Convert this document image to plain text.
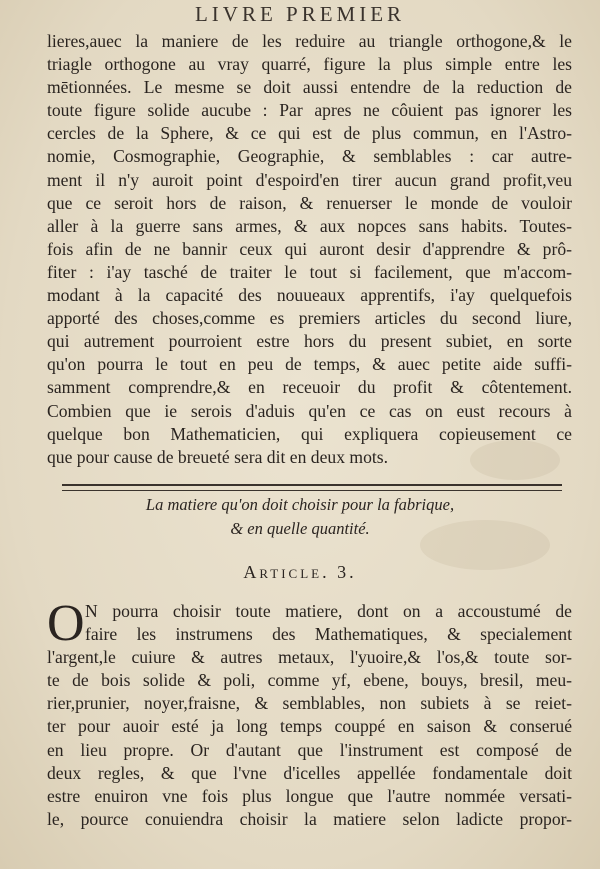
LIVRE PREMIER
lieres,auec la maniere de les reduire au triangle orthogone,& le
triagle orthogone au vray quarré, figure la plus simple entre les
mētionnées. Le mesme se doit aussi entendre de la reduction de
toute figure solide aucube : Par apres ne côuient pas ignorer les
cercles de la Sphere, & ce qui est de plus commun, en l'Astro-
nomie, Cosmographie, Geographie, & semblables : car autre-
ment il n'y auroit point d'espoird'en tirer aucun grand profit,veu
que ce seroit hors de raison, & renuerser le monde de vouloir
aller à la guerre sans armes, & aux nopces sans habits. Toutes-
fois afin de ne bannir ceux qui auront desir d'apprendre & prô-
fiter : i'ay tasché de traiter le tout si facilement, que m'accom-
modant à la capacité des nouueaux apprentifs, i'ay quelquefois
apporté des choses,comme es premiers articles du second liure,
qui autrement pourroient estre hors du present subiet, en sorte
qu'on pourra le tout en peu de temps, & auec petite aide suffi-
samment comprendre,& en receuoir du profit & côtentement.
Combien que ie serois d'aduis qu'en ce cas on eust recours à
quelque bon Mathematicien, qui expliquera copieusement ce
que pour cause de breueté sera dit en deux mots.
La matiere qu'on doit choisir pour la fabrique,
& en quelle quantité.
Article. 3.
O N pourra choisir toute matiere, dont on a accoustumé de
faire les instrumens des Mathematiques, & specialement
l'argent,le cuiure & autres metaux, l'yuoire,& l'os,& toute sor-
te de bois solide & poli, comme yf, ebene, bouys, bresil, meu-
rier,prunier, noyer,fraisne, & semblables, non subiets à se reiet-
ter pour auoir esté ja long temps couppé en saison & conserué
en lieu propre. Or d'autant que l'instrument est composé de
deux regles, & que l'vne d'icelles appellée fondamentale doit
estre enuiron vne fois plus longue que l'autre nommée versati-
le, pource conuiendra choisir la matiere selon ladicte propor-
